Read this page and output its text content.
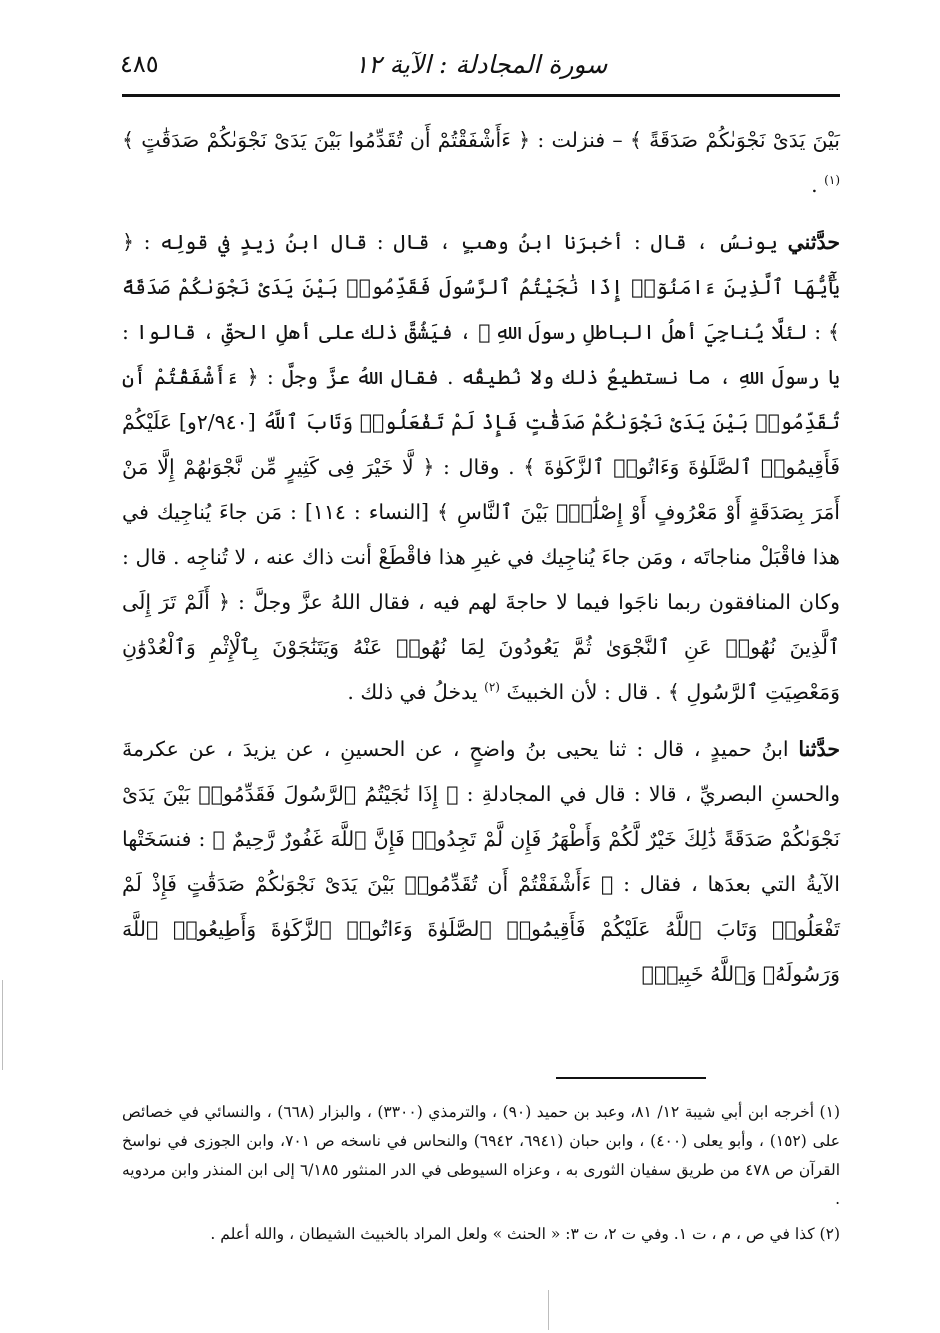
٤٨٥	سورة المجادلة : الآية ١٢

بَيْنَ يَدَىْ نَجْوَىٰكُمْ صَدَقَةً ﴾ – فنزلت : ﴿ ءَأَشْفَقْتُمْ أَن تُقَدِّمُوا بَيْنَ يَدَىْ نَجْوَىٰكُمْ صَدَقَٰتٍ ﴾ $^{(١)}$ .

حدَّثني يونسُ ، قال : أخبرَنا ابنُ وهبٍ ، قال : قال ابنُ زيدٍ في قولِه : ﴿ يَٰٓأَيُّهَا ٱلَّذِينَ ءَامَنُوٓا۟ إِذَا نَٰجَيْتُمُ ٱلرَّسُولَ فَقَدِّمُوا۟ بَيْنَ يَدَىْ نَجْوَىٰكُمْ صَدَقَةً ﴾ : لئلَّا يُناجِيَ أهلُ الباطلِ رسولَ اللهِ ﷺ ، فيَشُقَّ ذلك على أهلِ الحقِّ ، قالوا : يا رسولَ اللهِ ، ما نستطيعُ ذلك ولا نُطيقُه . فقال اللهُ عزَّ وجلَّ : ﴿ ءَأَشْفَقْتُمْ أَن تُقَدِّمُوا۟ بَيْنَ يَدَىْ نَجْوَىٰكُمْ صَدَقَٰتٍ فَإِذْ لَمْ تَفْعَلُوا۟ وَتَابَ ٱللَّهُ [٢/٩٤٠و] عَلَيْكُمْ فَأَقِيمُوا۟ ٱلصَّلَوٰةَ وَءَاتُوا۟ ٱلزَّكَوٰةَ ﴾ . وقال : ﴿ لَّا خَيْرَ فِى كَثِيرٍ مِّن نَّجْوَىٰهُمْ إِلَّا مَنْ أَمَرَ بِصَدَقَةٍ أَوْ مَعْرُوفٍ أَوْ إِصْلَٰحٍۭ بَيْنَ ٱلنَّاسِ ﴾ [النساء : ١١٤] : مَن جاءَ يُناجِيك في هذا فاقْبَلْ مناجاتَه ، ومَن جاءَ يُناجِيك في غيرِ هذا فاقْطَعْ أنت ذاك عنه ، لا تُناجِه . قال : وكان المنافقون ربما ناجَوا فيما لا حاجةَ لهم فيه ، فقال اللهُ عزَّ وجلَّ : ﴿ أَلَمْ تَرَ إِلَى ٱلَّذِينَ نُهُوا۟ عَنِ ٱلنَّجْوَىٰ ثُمَّ يَعُودُونَ لِمَا نُهُوا۟ عَنْهُ وَيَتَنَٰجَوْنَ بِٱلْإِثْمِ وَٱلْعُدْوَٰنِ وَمَعْصِيَتِ ٱلرَّسُولِ ﴾ . قال : لأن الخبيثَ $^{(٢)}$ يدخلُ في ذلك .

حدَّثنا ابنُ حميدٍ ، قال : ثنا يحيى بنُ واضحٍ ، عن الحسينِ ، عن يزيدَ ، عن عكرمةَ والحسنِ البصريِّ ، قالا : قال في المجادلةِ : ﴿ إِذَا نَٰجَيْتُمُ ٱلرَّسُولَ فَقَدِّمُوا۟ بَيْنَ يَدَىْ نَجْوَىٰكُمْ صَدَقَةً ذَٰلِكَ خَيْرٌ لَّكُمْ وَأَطْهَرُ فَإِن لَّمْ تَجِدُوا۟ فَإِنَّ ٱللَّهَ غَفُورٌ رَّحِيمٌ ﴾ : فنسَخَتْها الآيةُ التي بعدَها ، فقال : ﴿ ءَأَشْفَقْتُمْ أَن تُقَدِّمُوا۟ بَيْنَ يَدَىْ نَجْوَىٰكُمْ صَدَقَٰتٍ فَإِذْ لَمْ تَفْعَلُوا۟ وَتَابَ ٱللَّهُ عَلَيْكُمْ فَأَقِيمُوا۟ ٱلصَّلَوٰةَ وَءَاتُوا۟ ٱلزَّكَوٰةَ وَأَطِيعُوا۟ ٱللَّهَ وَرَسُولَهُۥ وَٱللَّهُ خَبِيرٌۢ

(١) أخرجه ابن أبي شيبة ١٢/ ٨١، وعبد بن حميد (٩٠) ، والترمذي (٣٣٠٠) ، والبزار (٦٦٨) ، والنسائي في خصائص على (١٥٢) ، وأبو يعلى (٤٠٠) ، وابن حبان (٦٩٤١، ٦٩٤٢) والنحاس في ناسخه ص ٧٠١، وابن الجوزى في نواسخ القرآن ص ٤٧٨ من طريق سفيان الثورى به ، وعزاه السيوطى في الدر المنثور ٦/١٨٥ إلى ابن المنذر وابن مردويه .

(٢) كذا في ص ، م ، ت ١. وفي ت ٢، ت ٣: « الحنث » ولعل المراد بالخبيث الشيطان ، والله أعلم .
